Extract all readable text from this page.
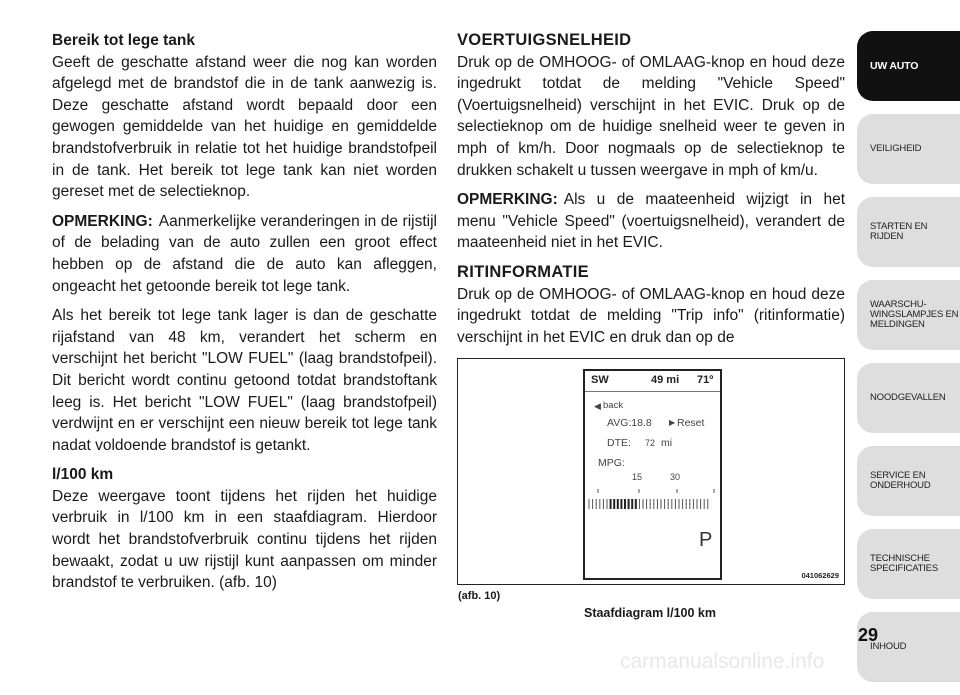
Bereik tot lege tank

Geeft de geschatte afstand weer die nog kan worden afgelegd met de brandstof die in de tank aanwezig is. Deze geschatte afstand wordt bepaald door een gewogen gemiddelde van het huidige en gemiddelde brandstofverbruik in relatie tot het huidige brandstofpeil in de tank. Het bereik tot lege tank kan niet worden gereset met de selectieknop.

OPMERKING: Aanmerkelijke veranderingen in de rijstijl of de belading van de auto zullen een groot effect hebben op de afstand die de auto kan afleggen, ongeacht het getoonde bereik tot lege tank.

Als het bereik tot lege tank lager is dan de geschatte rijafstand van 48 km, verandert het scherm en verschijnt het bericht "LOW FUEL" (laag brandstofpeil). Dit bericht wordt continu getoond totdat brandstoftank leeg is. Het bericht "LOW FUEL" (laag brandstofpeil) verdwijnt en er verschijnt een nieuw bereik tot lege tank nadat voldoende brandstof is getankt.

l/100 km

Deze weergave toont tijdens het rijden het huidige verbruik in l/100 km in een staafdiagram. Hierdoor wordt het brandstofverbruik continu tijdens het rijden bewaakt, zodat u uw rijstijl kunt aanpassen om minder brandstof te verbruiken. (afb. 10)

VOERTUIGSNELHEID

Druk op de OMHOOG- of OMLAAG-knop en houd deze ingedrukt totdat de melding "Vehicle Speed" (Voertuigsnelheid) verschijnt in het EVIC. Druk op de selectieknop om de huidige snelheid weer te geven in mph of km/h. Door nogmaals op de selectieknop te drukken schakelt u tussen weergave in mph of km/u.

OPMERKING: Als u de maateenheid wijzigt in het menu "Vehicle Speed" (voertuigsnelheid), verandert de maateenheid niet in het EVIC.

RITINFORMATIE

Druk op de OMHOOG- of OMLAAG-knop en houd deze ingedrukt totdat de melding "Trip info" (ritinformatie) verschijnt in het EVIC en druk dan op de

SW	49 mi 71º
◀ back
AVG:18.8 ▶ Reset
DTE: 72 mi
MPG:
15	30
P
041062629
(afb. 10)
Staafdiagram l/100 km
UW AUTO
VEILIGHEID
STARTEN EN RIJDEN
WAARSCHU-WINGSLAMPJES EN MELDINGEN
NOODGEVALLEN
SERVICE EN ONDERHOUD
TECHNISCHE SPECIFICATIES
INHOUD
29
carmanualsonline.info
